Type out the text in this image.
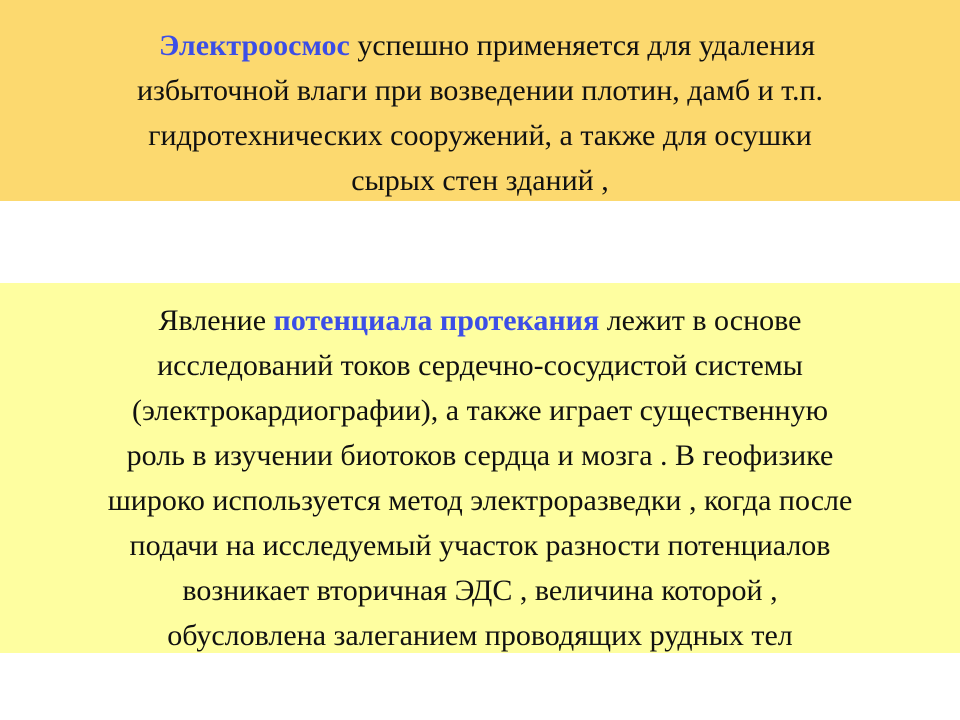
Электроосмос успешно применяется для удаления
избыточной влаги при возведении плотин, дамб и т.п.
гидротехнических сооружений, а также для осушки
сырых стен зданий ,
Явление потенциала протекания лежит в основе
исследований токов сердечно-сосудистой системы
(электрокардиографии), а также играет существенную
роль в изучении биотоков сердца и мозга . В геофизике
широко используется метод электроразведки , когда после
подачи на исследуемый участок разности потенциалов
возникает вторичная ЭДС , величина которой ,
обусловлена залеганием проводящих рудных тел
